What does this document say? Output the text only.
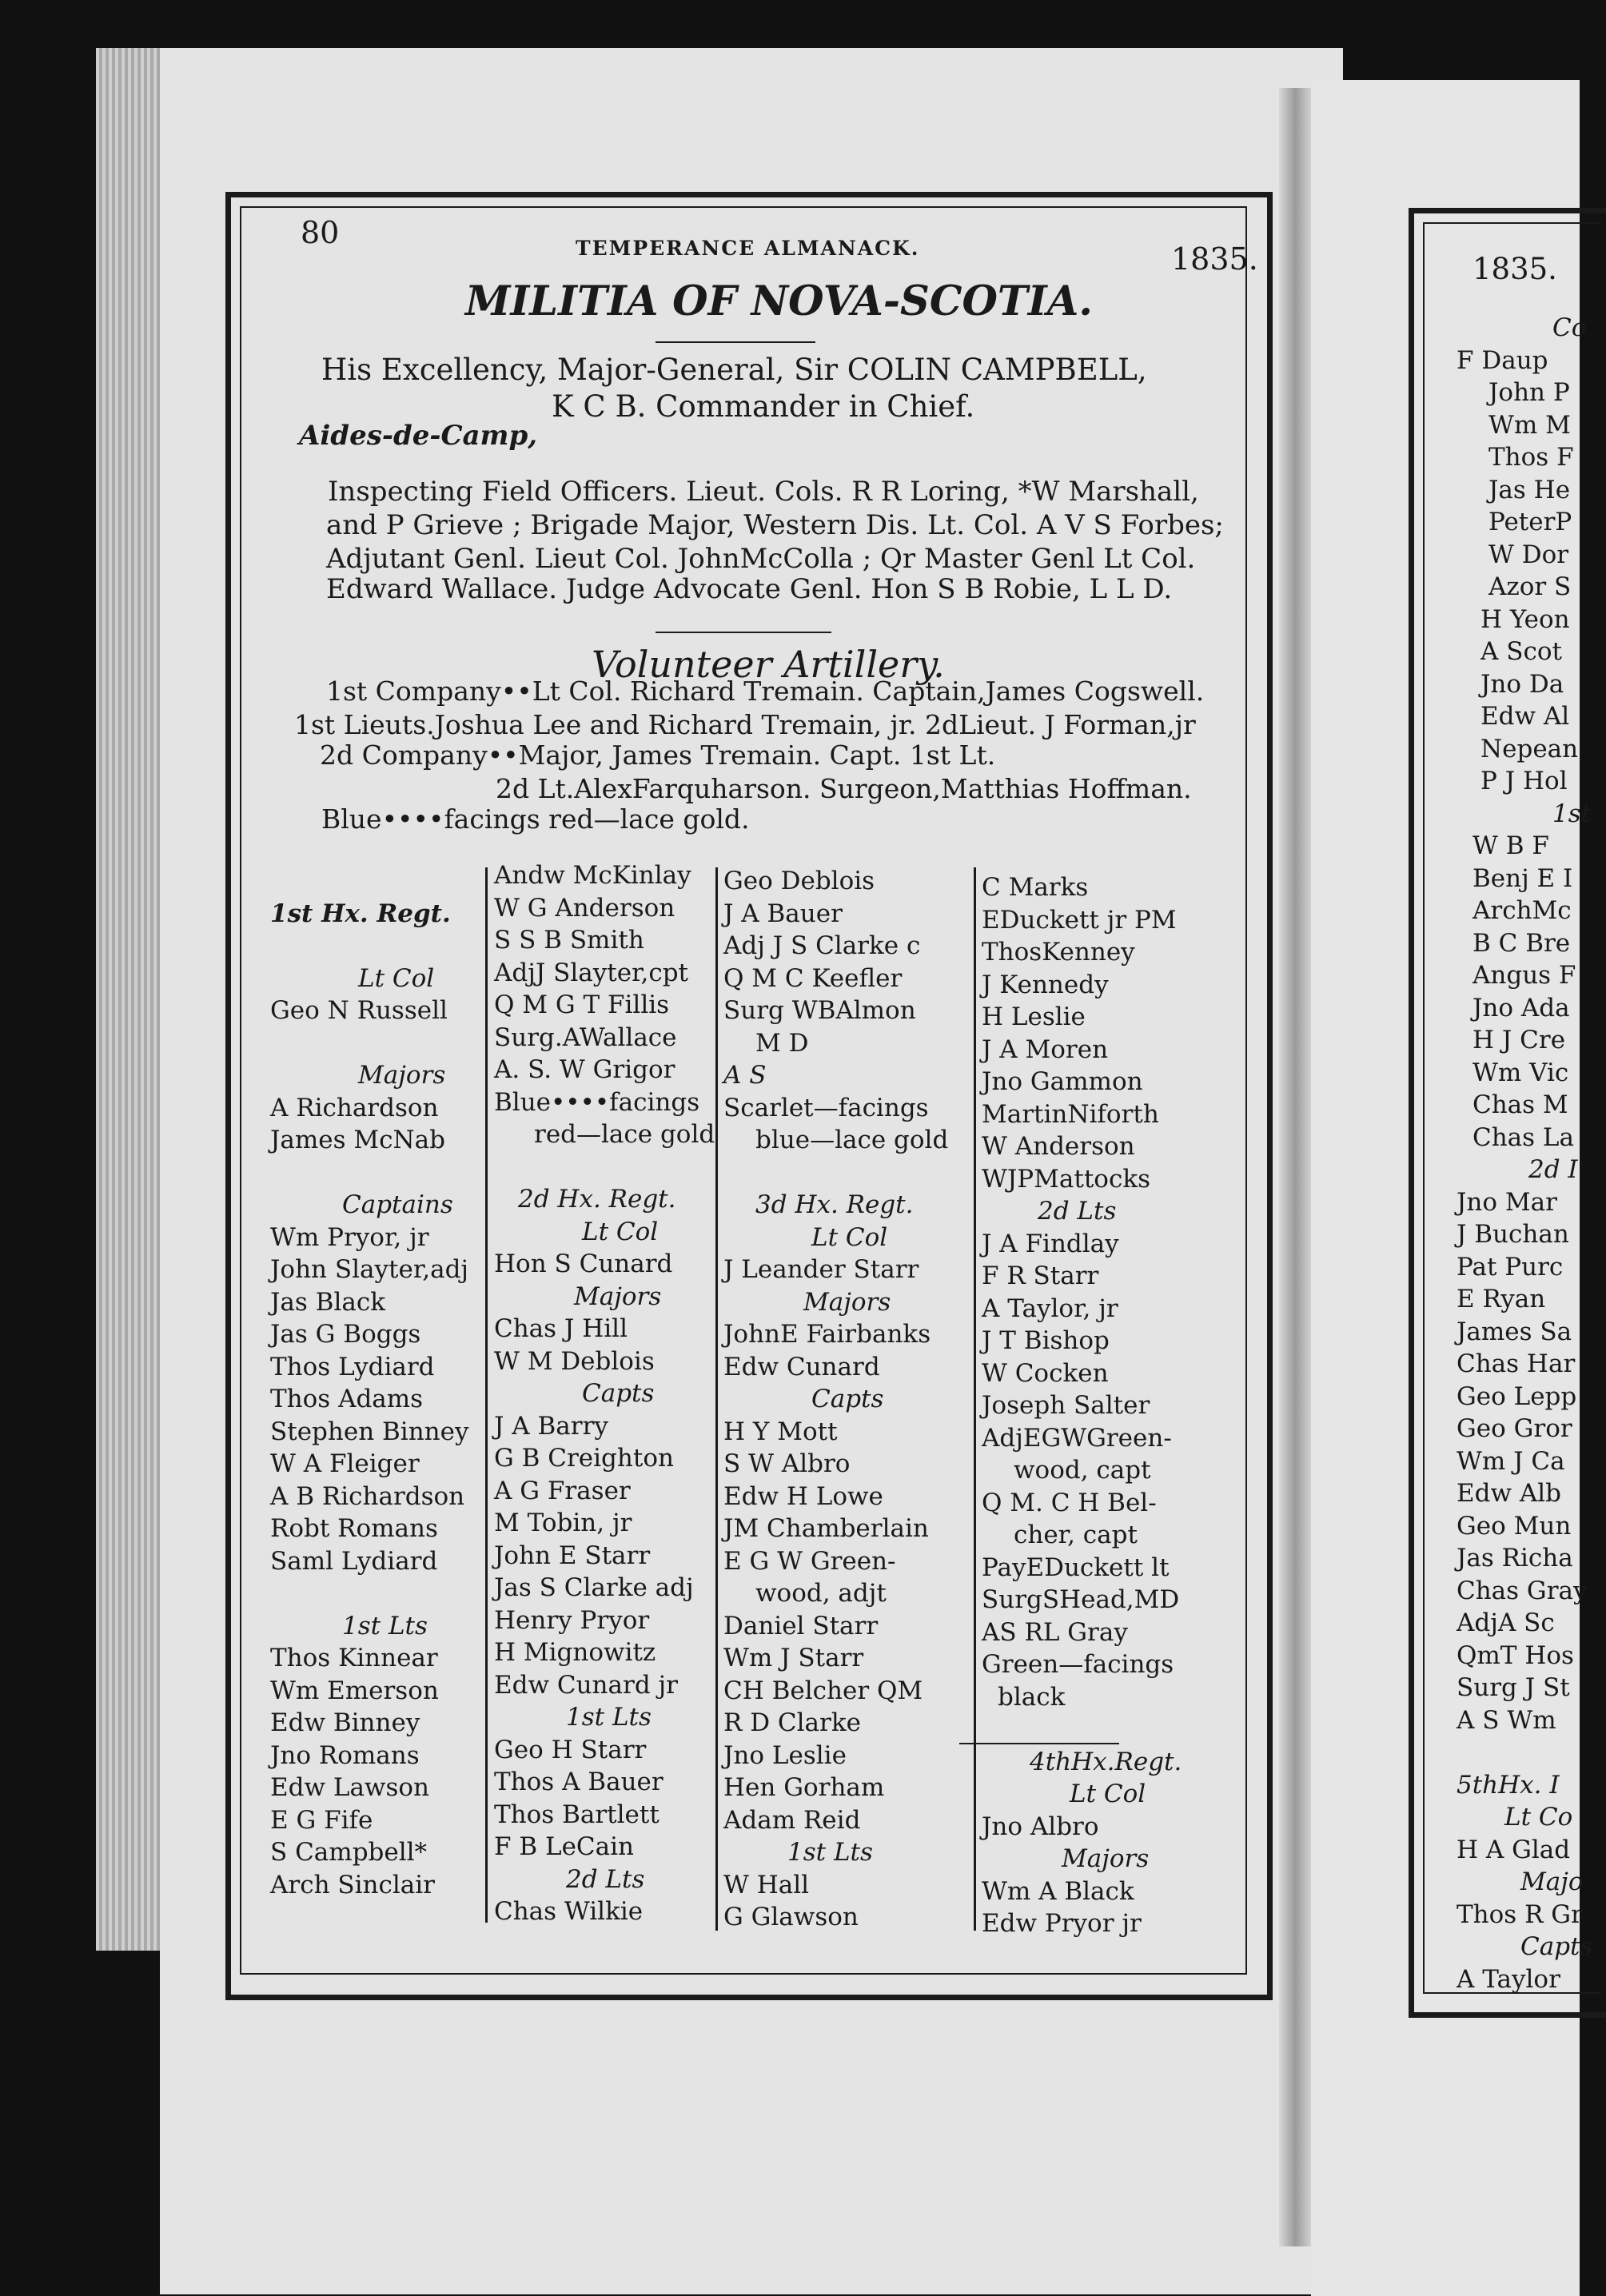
80	TEMPERANCE ALMANACK.	1835.
MILITIA OF NOVA-SCOTIA.
His Excellency, Major-General, Sir COLIN CAMPBELL,
K C B. Commander in Chief.
Aides-de-Camp,
Inspecting Field Officers. Lieut. Cols. R R Loring, *W Marshall,
and P Grieve ; Brigade Major, Western Dis. Lt. Col. A V S Forbes;
Adjutant Genl. Lieut Col. JohnMcColla ; Qr Master Genl Lt Col.
Edward Wallace. Judge Advocate Genl. Hon S B Robie, L L D.
Volunteer Artillery.
1st Company••Lt Col. Richard Tremain. Captain,James Cogswell.
1st Lieuts.Joshua Lee and Richard Tremain, jr. 2dLieut. J Forman,jr
2d Company••Major, James Tremain. Capt. 1st Lt.
2d Lt.AlexFarquharson. Surgeon,Matthias Hoffman.
Blue••••facings red—lace gold.
1st Hx. Regt.
Lt Col
Geo N Russell
Majors
A Richardson
James McNab
Captains
Wm Pryor, jr
John Slayter,adj
Jas Black
Jas G Boggs
Thos Lydiard
Thos Adams
Stephen Binney
W A Fleiger
A B Richardson
Robt Romans
Saml Lydiard
1st Lts
Thos Kinnear
Wm Emerson
Edw Binney
Jno Romans
Edw Lawson
E G Fife
S Campbell*
Arch Sinclair
Andw McKinlay
W G Anderson
S S B Smith
AdjJ Slayter,cpt
Q M G T Fillis
Surg.AWallace
A. S. W Grigor
Blue••••facings
red—lace gold
2d Hx. Regt.
Lt Col
Hon S Cunard
Majors
Chas J Hill
W M Deblois
Capts
J A Barry
G B Creighton
A G Fraser
M Tobin, jr
John E Starr
Jas S Clarke adj
Henry Pryor
H Mignowitz
Edw Cunard jr
1st Lts
Geo H Starr
Thos A Bauer
Thos Bartlett
F B LeCain
2d Lts
Chas Wilkie
Geo Deblois
J A Bauer
Adj J S Clarke c
Q M C Keefler
Surg WBAlmon
M D
A S
Scarlet—facings
blue—lace gold
3d Hx. Regt.
Lt Col
J Leander Starr
Majors
JohnE Fairbanks
Edw Cunard
Capts
H Y Mott
S W Albro
Edw H Lowe
JM Chamberlain
E G W Green-
wood, adjt
Daniel Starr
Wm J Starr
CH Belcher QM
R D Clarke
Jno Leslie
Hen Gorham
Adam Reid
1st Lts
W Hall
G Glawson
C Marks
EDuckett jr PM
ThosKenney
J Kennedy
H Leslie
J A Moren
Jno Gammon
MartinNiforth
W Anderson
WJPMattocks
2d Lts
J A Findlay
F R Starr
A Taylor, jr
J T Bishop
W Cocken
Joseph Salter
AdjEGWGreen-
wood, capt
Q M. C H Bel-
cher, capt
PayEDuckett lt
SurgSHead,MD
AS RL Gray
Green—facings
black
4thHx.Regt.
Lt Col
Jno Albro
Majors
Wm A Black
Edw Pryor jr
1835.
Co
F Daup
John P
Wm M
Thos F
Jas He
PeterP
W Dor
Azor S
H Yeon
A Scot
Jno Da
Edw Al
Nepean
P J Hol
1st
W B F
Benj E I
ArchMc
B C Bre
Angus F
Jno Ada
H J Cre
Wm Vic
Chas M
Chas La
2d I
Jno Mar
J Buchan
Pat Purc
E Ryan
James Sa
Chas Har
Geo Lepp
Geo Gror
Wm J Ca
Edw Alb
Geo Mun
Jas Richa
Chas Gray
AdjA Sc
QmT Hos
Surg J St
A S Wm
5thHx. I
Lt Co
H A Glad
Majo
Thos R Gr
Capts
A Taylor
